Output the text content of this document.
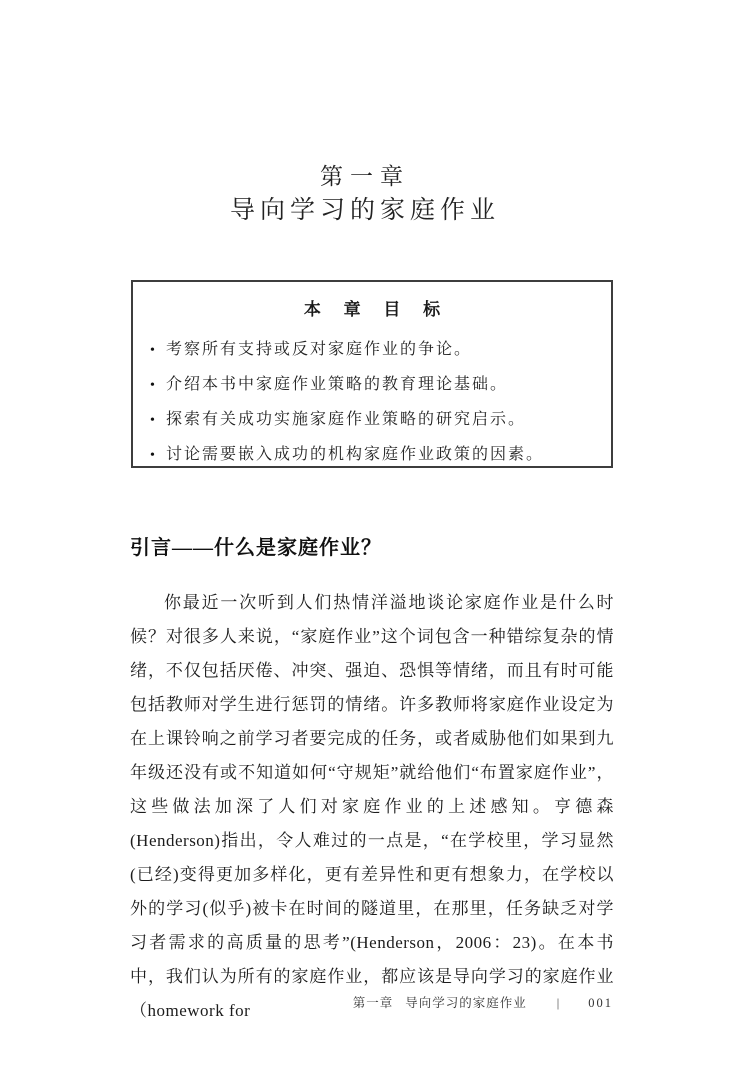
第一章
导向学习的家庭作业
本 章 目 标
• 考察所有支持或反对家庭作业的争论。
• 介绍本书中家庭作业策略的教育理论基础。
• 探索有关成功实施家庭作业策略的研究启示。
• 讨论需要嵌入成功的机构家庭作业政策的因素。
引言——什么是家庭作业？

你最近一次听到人们热情洋溢地谈论家庭作业是什么时候？对很多人来说，“家庭作业”这个词包含一种错综复杂的情绪，不仅包括厌倦、冲突、强迫、恐惧等情绪，而且有时可能包括教师对学生进行惩罚的情绪。许多教师将家庭作业设定为在上课铃响之前学习者要完成的任务，或者威胁他们如果到九年级还没有或不知道如何“守规矩”就给他们“布置家庭作业”，这些做法加深了人们对家庭作业的上述感知。亨德森(Henderson)指出，令人难过的一点是，“在学校里，学习显然(已经)变得更加多样化，更有差异性和更有想象力，在学校以外的学习(似乎)被卡在时间的隧道里，在那里，任务缺乏对学习者需求的高质量的思考”(Henderson，2006：23)。在本书中，我们认为所有的家庭作业，都应该是导向学习的家庭作业（homework for	第一章 导向学习的家庭作业 | 001
